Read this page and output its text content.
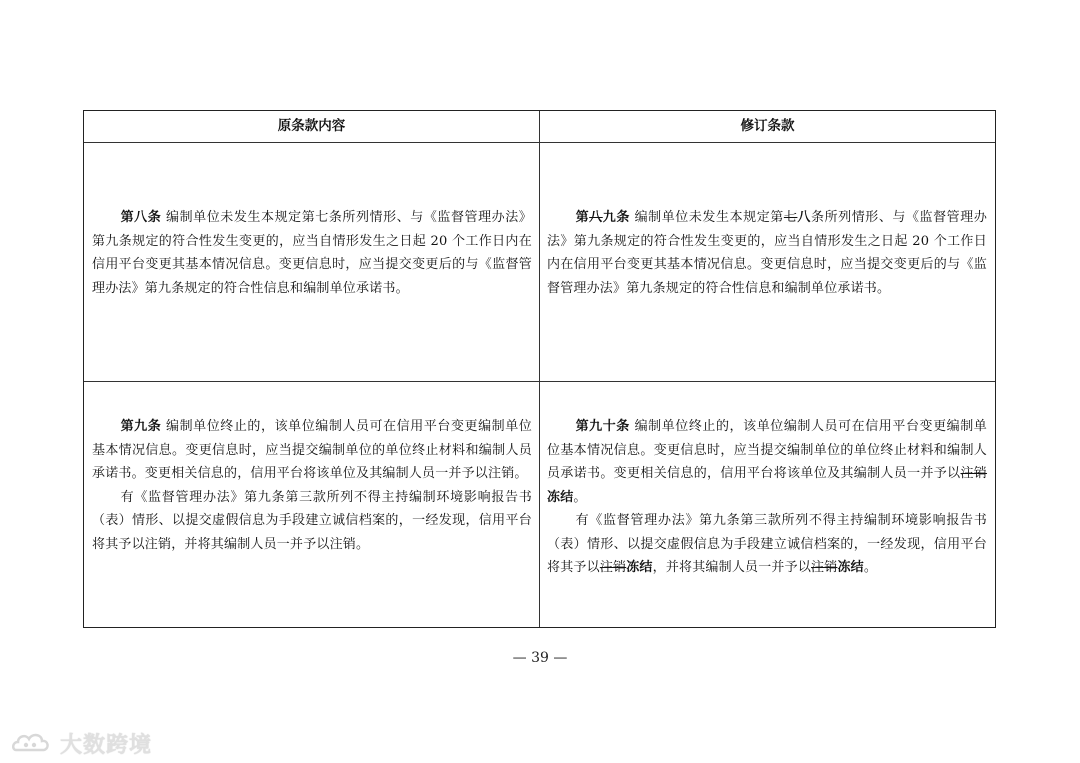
原条款内容	修订条款

第八条 编制单位未发生本规定第七条所列情形、与《监督管理办法》第九条规定的符合性发生变更的，应当自情形发生之日起 20 个工作日内在信用平台变更其基本情况信息。变更信息时，应当提交变更后的与《监督管理办法》第九条规定的符合性信息和编制单位承诺书。

第八九条 编制单位未发生本规定第七八条所列情形、与《监督管理办法》第九条规定的符合性发生变更的，应当自情形发生之日起 20 个工作日内在信用平台变更其基本情况信息。变更信息时，应当提交变更后的与《监督管理办法》第九条规定的符合性信息和编制单位承诺书。

第九条 编制单位终止的，该单位编制人员可在信用平台变更编制单位基本情况信息。变更信息时，应当提交编制单位的单位终止材料和编制人员承诺书。变更相关信息的，信用平台将该单位及其编制人员一并予以注销。

有《监督管理办法》第九条第三款所列不得主持编制环境影响报告书（表）情形、以提交虚假信息为手段建立诚信档案的，一经发现，信用平台将其予以注销，并将其编制人员一并予以注销。

第九十条 编制单位终止的，该单位编制人员可在信用平台变更编制单位基本情况信息。变更信息时，应当提交编制单位的单位终止材料和编制人员承诺书。变更相关信息的，信用平台将该单位及其编制人员一并予以注销冻结。

有《监督管理办法》第九条第三款所列不得主持编制环境影响报告书（表）情形、以提交虚假信息为手段建立诚信档案的，一经发现，信用平台将其予以注销冻结，并将其编制人员一并予以注销冻结。

— 39 —
大数跨境
